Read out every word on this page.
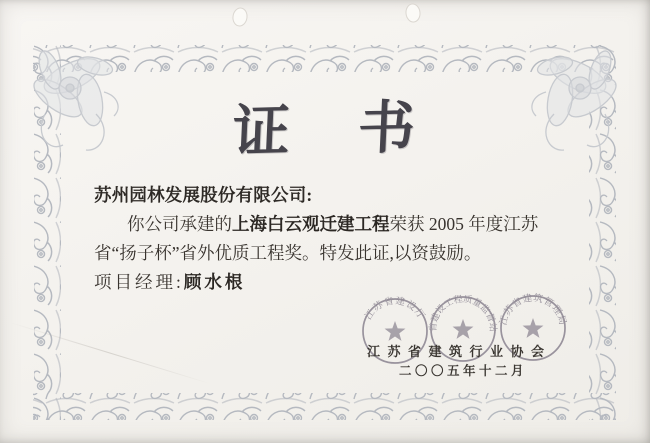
证 书

苏州园林发展股份有限公司:

你公司承建的上海白云观迁建工程荣获 2005 年度江苏

省“扬子杯”省外优质工程奖。特发此证,以资鼓励。

项目经理:顾水根

江苏省建设厅
省建设工程质量监督站
江苏省建筑管理局
江苏省建筑行业协会
二〇〇五年十二月
